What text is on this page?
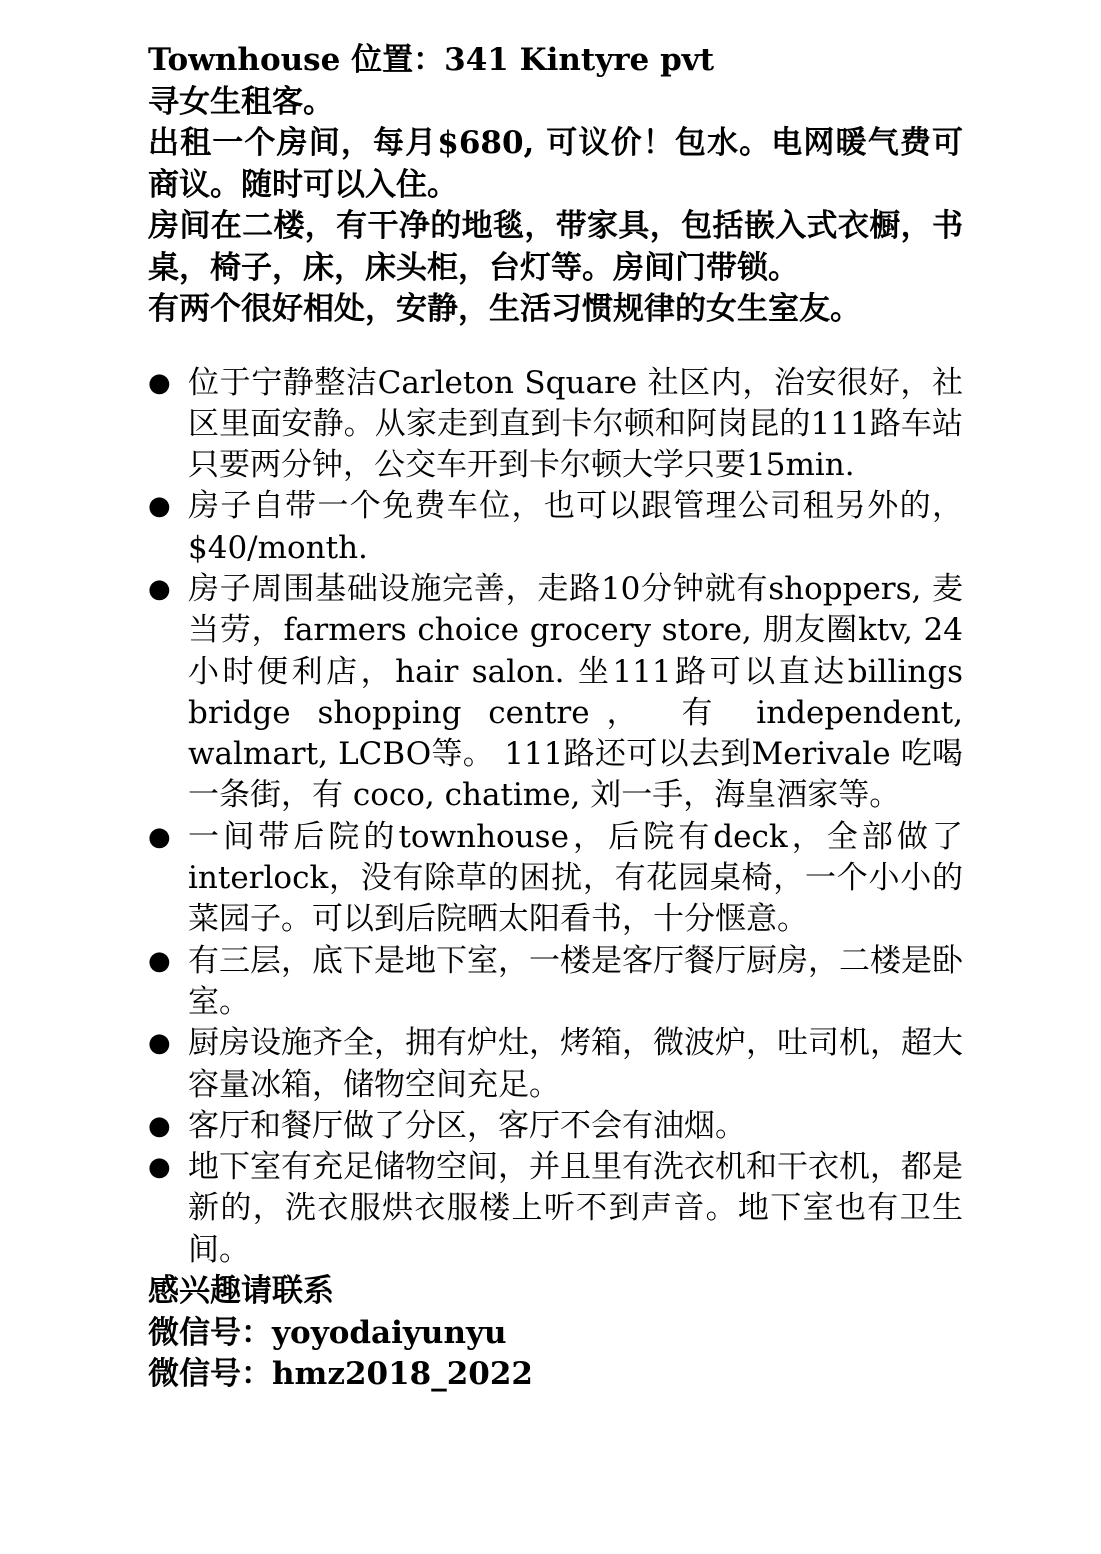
Townhouse 位置：341 Kintyre pvt

寻女生租客。

出租一个房间，每月$680, 可议价！包水。电网暖气费可商议。随时可以入住。

房间在二楼，有干净的地毯，带家具，包括嵌入式衣橱，书桌，椅子，床，床头柜，台灯等。房间门带锁。

有两个很好相处，安静，生活习惯规律的女生室友。

● 位于宁静整洁Carleton Square 社区内，治安很好，社区里面安静。从家走到直到卡尔顿和阿岗昆的111路车站只要两分钟，公交车开到卡尔顿大学只要15min.
● 房子自带一个免费车位，也可以跟管理公司租另外的，$40/month.
● 房子周围基础设施完善，走路10分钟就有shoppers, 麦当劳，farmers choice grocery store, 朋友圈ktv, 24小时便利店，hair salon. 坐111路可以直达billings bridge shopping centre， 有 independent, walmart, LCBO等。 111路还可以去到Merivale 吃喝一条街，有 coco, chatime, 刘一手，海皇酒家等。
● 一间带后院的townhouse，后院有deck，全部做了interlock，没有除草的困扰，有花园桌椅，一个小小的菜园子。可以到后院晒太阳看书，十分惬意。
● 有三层，底下是地下室，一楼是客厅餐厅厨房，二楼是卧室。
● 厨房设施齐全，拥有炉灶，烤箱，微波炉，吐司机，超大容量冰箱，储物空间充足。
● 客厅和餐厅做了分区，客厅不会有油烟。
● 地下室有充足储物空间，并且里有洗衣机和干衣机，都是新的，洗衣服烘衣服楼上听不到声音。地下室也有卫生间。

感兴趣请联系

微信号：yoyodaiyunyu

微信号：hmz2018_2022
